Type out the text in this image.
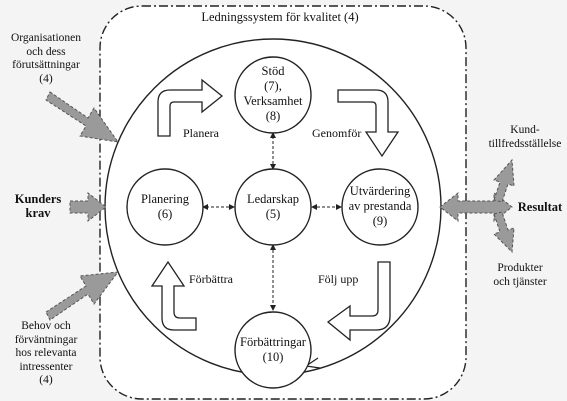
Ledningssystem för kvalitet (4)
Stöd
(7),
Verksamhet
(8)
Planering
(6)
Ledarskap
(5)
Utvärdering
av prestanda
(9)
Förbättringar
(10)
Planera	Genomför
Följ upp
Förbättra
Organisationen
och dess
förutsättningar
(4)
Kunders
krav
Behov och
förväntningar
hos relevanta
intressenter
(4)
Kund-
tillfredsställelse
Resultat
Produkter
och tjänster
